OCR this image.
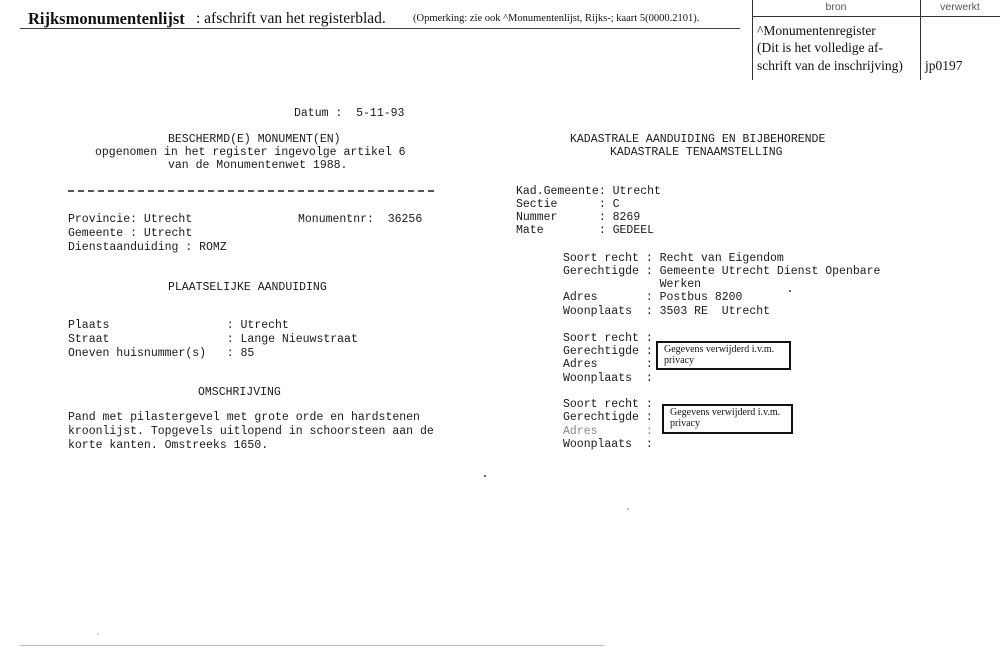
Rijksmonumentenlijst : afschrift van het registerblad.	(Opmerking: zie ook ^Monumentenlijst, Rijks-; kaart 5(0000.2101).
bron	verwerkt
^Monumentenregister
(Dit is het volledige af-
schrift van de inschrijving) jp0197
Datum :  5-11-93
BESCHERMD(E) MONUMENT(EN)
opgenomen in het register ingevolge artikel 6
van de Monumentenwet 1988.
Provincie: Utrecht	Monumentnr:  36256
Gemeente : Utrecht
Dienstaanduiding : ROMZ
PLAATSELIJKE AANDUIDING
Plaats                 : Utrecht
Straat                 : Lange Nieuwstraat
Oneven huisnummer(s)   : 85
OMSCHRIJVING
Pand met pilastergevel met grote orde en hardstenen
kroonlijst. Topgevels uitlopend in schoorsteen aan de
korte kanten. Omstreeks 1650.
KADASTRALE AANDUIDING EN BIJBEHORENDE
KADASTRALE TENAAMSTELLING
Kad.Gemeente: Utrecht
Sectie      : C
Nummer      : 8269
Mate        : GEDEEL
Soort recht : Recht van Eigendom
Gerechtigde : Gemeente Utrecht Dienst Openbare
Werken
Adres       : Postbus 8200
Woonplaats  : 3503 RE  Utrecht
Soort recht :
Gerechtigde :
Adres       :
Woonplaats  :
Soort recht :
Gerechtigde :
Adres       :
Woonplaats  :
Gegevens verwijderd i.v.m. privacy
Gegevens verwijderd i.v.m. privacy
